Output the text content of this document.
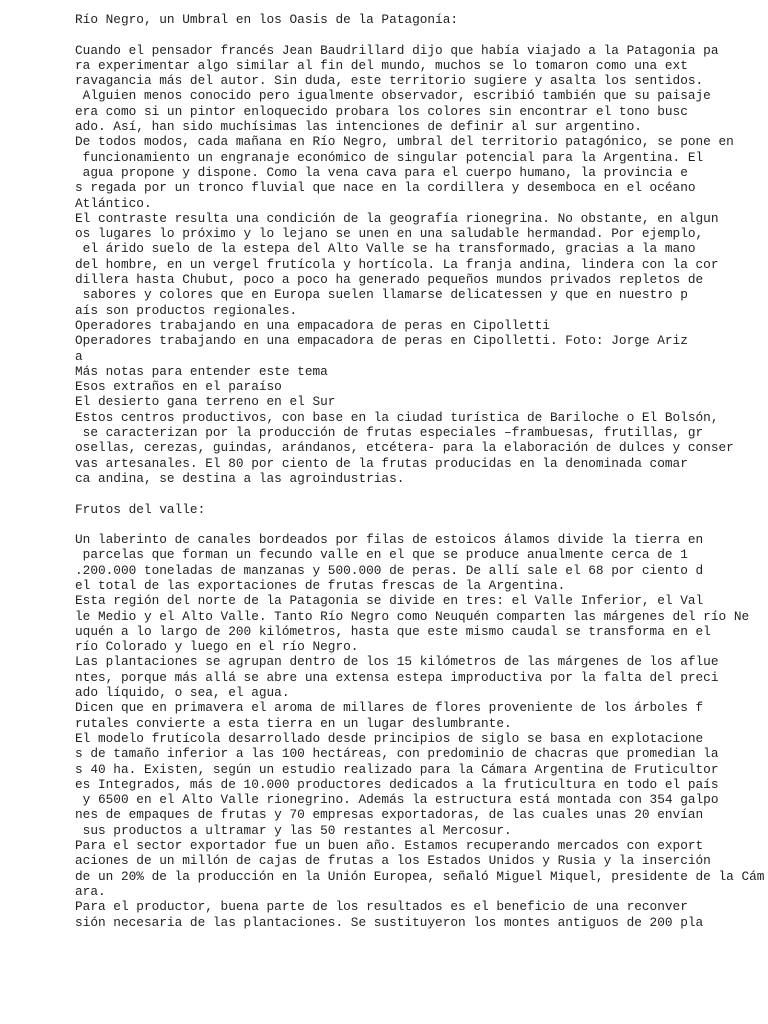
Río Negro, un Umbral en los Oasis de la Patagonía:

Cuando el pensador francés Jean Baudrillard dijo que había viajado a la Patagonia pa
ra experimentar algo similar al fin del mundo, muchos se lo tomaron como una ext
ravagancia más del autor. Sin duda, este territorio sugiere y asalta los sentidos.
Alguien menos conocido pero igualmente observador, escribió también que su paisaje
era como si un pintor enloquecido probara los colores sin encontrar el tono busc
ado. Así, han sido muchísimas las intenciones de definir al sur argentino.
De todos modos, cada mañana en Río Negro, umbral del territorio patagónico, se pone en
funcionamiento un engranaje económico de singular potencial para la Argentina. El
agua propone y dispone. Como la vena cava para el cuerpo humano, la provincia e
s regada por un tronco fluvial que nace en la cordillera y desemboca en el océano
Atlántico.
El contraste resulta una condición de la geografía rionegrina. No obstante, en algun
os lugares lo próximo y lo lejano se unen en una saludable hermandad. Por ejemplo,
el árido suelo de la estepa del Alto Valle se ha transformado, gracias a la mano
del hombre, en un vergel frutícola y hortícola. La franja andina, lindera con la cor
dillera hasta Chubut, poco a poco ha generado pequeños mundos privados repletos de
sabores y colores que en Europa suelen llamarse delicatessen y que en nuestro p
aís son productos regionales.
Operadores trabajando en una empacadora de peras en Cipolletti
Operadores trabajando en una empacadora de peras en Cipolletti. Foto: Jorge Ariz
a
Más notas para entender este tema
Esos extraños en el paraíso
El desierto gana terreno en el Sur
Estos centros productivos, con base en la ciudad turística de Bariloche o El Bolsón,
se caracterizan por la producción de frutas especiales –frambuesas, frutillas, gr
osellas, cerezas, guindas, arándanos, etcétera- para la elaboración de dulces y conser
vas artesanales. El 80 por ciento de la frutas producidas en la denominada comar
ca andina, se destina a las agroindustrias.

Frutos del valle:

Un laberinto de canales bordeados por filas de estoicos álamos divide la tierra en
parcelas que forman un fecundo valle en el que se produce anualmente cerca de 1
.200.000 toneladas de manzanas y 500.000 de peras. De allí sale el 68 por ciento d
el total de las exportaciones de frutas frescas de la Argentina.
Esta región del norte de la Patagonia se divide en tres: el Valle Inferior, el Val
le Medio y el Alto Valle. Tanto Río Negro como Neuquén comparten las márgenes del río Ne
uquén a lo largo de 200 kilómetros, hasta que este mismo caudal se transforma en el
río Colorado y luego en el río Negro.
Las plantaciones se agrupan dentro de los 15 kilómetros de las márgenes de los aflue
ntes, porque más allá se abre una extensa estepa improductiva por la falta del preci
ado líquido, o sea, el agua.
Dicen que en primavera el aroma de millares de flores proveniente de los árboles f
rutales convierte a esta tierra en un lugar deslumbrante.
El modelo frutícola desarrollado desde principios de siglo se basa en explotacione
s de tamaño inferior a las 100 hectáreas, con predominio de chacras que promedian la
s 40 ha. Existen, según un estudio realizado para la Cámara Argentina de Fruticultor
es Integrados, más de 10.000 productores dedicados a la fruticultura en todo el país
y 6500 en el Alto Valle rionegrino. Además la estructura está montada con 354 galpo
nes de empaques de frutas y 70 empresas exportadoras, de las cuales unas 20 envían
sus productos a ultramar y las 50 restantes al Mercosur.
Para el sector exportador fue un buen año. Estamos recuperando mercados con export
aciones de un millón de cajas de frutas a los Estados Unidos y Rusia y la inserción
de un 20% de la producción en la Unión Europea, señaló Miguel Miquel, presidente de la Cám
ara.
Para el productor, buena parte de los resultados es el beneficio de una reconver
sión necesaria de las plantaciones. Se sustituyeron los montes antiguos de 200 pla
